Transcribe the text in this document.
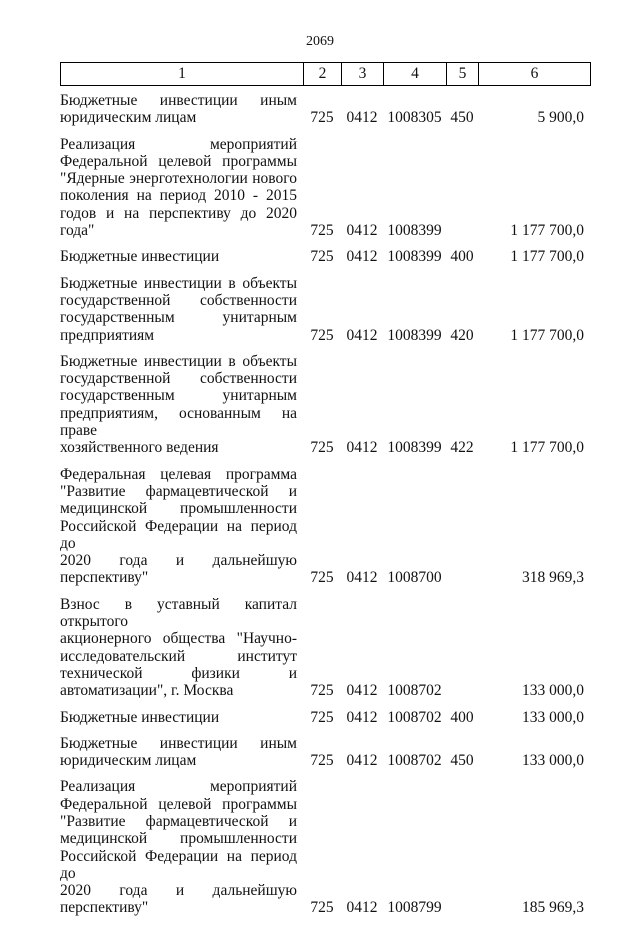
2069
1	2	3	4	5	6
Бюджетные инвестиции иным
юридическим лицам	725 0412 1008305 450	5 900,0
Реализация мероприятий
Федеральной целевой программы
"Ядерные энерготехнологии нового
поколения на период 2010 - 2015
годов и на перспективу до 2020
года"	725 0412 1008399	1 177 700,0
Бюджетные инвестиции	725 0412 1008399 400	1 177 700,0
Бюджетные инвестиции в объекты
государственной собственности
государственным унитарным
предприятиям	725 0412 1008399 420	1 177 700,0
Бюджетные инвестиции в объекты
государственной собственности
государственным унитарным
предприятиям, основанным на праве
хозяйственного ведения	725 0412 1008399 422	1 177 700,0
Федеральная целевая программа
"Развитие фармацевтической и
медицинской промышленности
Российской Федерации на период до
2020 года и дальнейшую
перспективу"	725 0412 1008700	318 969,3
Взнос в уставный капитал открытого
акционерного общества "Научно-
исследовательский институт
технической физики и
автоматизации", г. Москва	725 0412 1008702	133 000,0
Бюджетные инвестиции	725 0412 1008702 400	133 000,0
Бюджетные инвестиции иным
юридическим лицам	725 0412 1008702 450	133 000,0
Реализация мероприятий
Федеральной целевой программы
"Развитие фармацевтической и
медицинской промышленности
Российской Федерации на период до
2020 года и дальнейшую
перспективу"	725 0412 1008799	185 969,3
